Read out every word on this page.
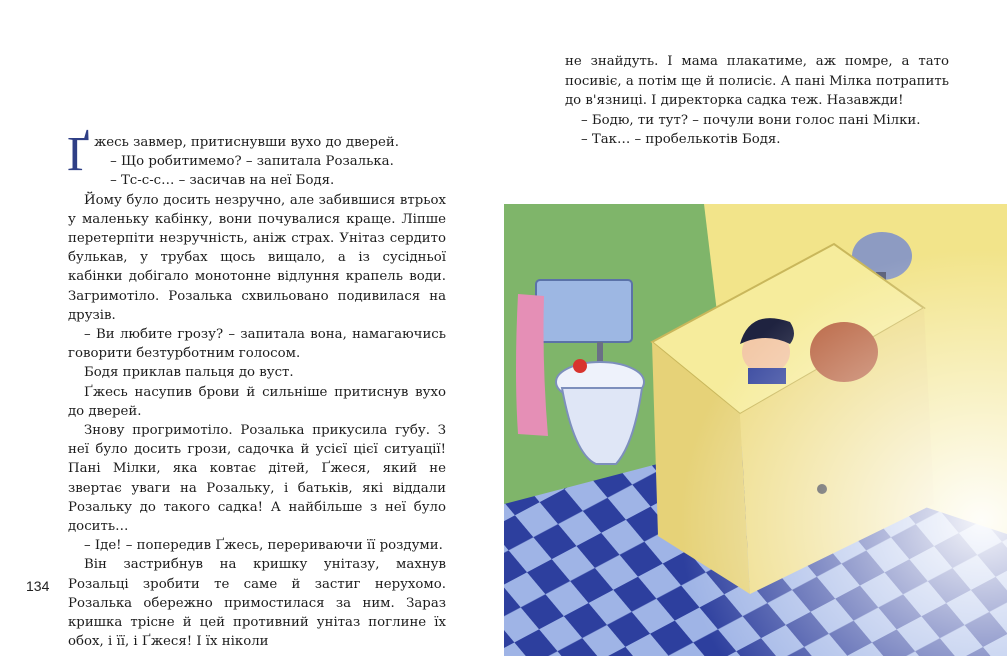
Ґжесь завмер, притиснувши вухо до дверей.

– Що робитимемо? – запитала Розалька.

– Тс-с-с… – засичав на неї Бодя.

Йому було досить незручно, але забившися втрьох у маленьку кабінку, вони почувалися краще. Ліпше перетерпіти незручність, аніж страх. Унітаз сердито булькав, у трубах щось вищало, а із сусідньої кабінки добігало монотонне відлуння крапель води. Загримотіло. Розалька схвильовано подивилася на друзів.

– Ви любите грозу? – запитала вона, намагаючись говорити безтурботним голосом.

Бодя приклав пальця до вуст.

Ґжесь насупив брови й сильніше притиснув вухо до дверей.

Знову прогримотіло. Розалька прикусила губу. З неї було досить грози, садочка й усієї цієї ситуації! Пані Мілки, яка ковтає дітей, Ґжеся, який не звертає уваги на Розальку, і батьків, які віддали Розальку до такого садка! А найбільше з неї було досить…

– Іде! – попередив Ґжесь, перериваючи її роздуми.

Він застрибнув на кришку унітазу, махнув Розальці зробити те саме й застиг нерухомо. Розалька обережно примостилася за ним. Зараз кришка трісне й цей противний унітаз поглине їх обох, і її, і Ґжеся! І їх ніколи

134

не знайдуть. І мама плакатиме, аж помре, а тато посивіє, а потім ще й полисіє. А пані Мілка потрапить до в'язниці. І директорка садка теж. Назавжди!

– Бодю, ти тут? – почули вони голос пані Мілки.

– Так… – пробелькотів Бодя.
